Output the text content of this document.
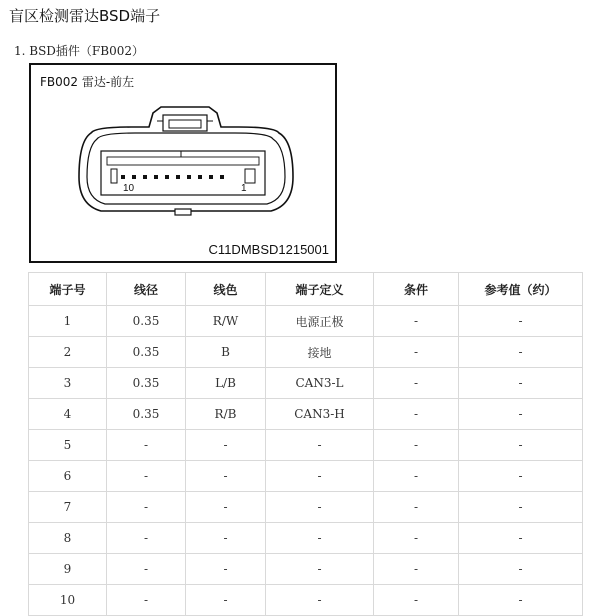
盲区检测雷达BSD端子
1. BSD插件（FB002）
10	1
FB002 雷达-前左
C11DMBSD1215001
端子号	线径	线色	端子定义	条件	参考值（约）
1	0.35	R/W	电源正极	-	-
2	0.35	B	接地	-	-
3	0.35	L/B	CAN3-L	-	-
4	0.35	R/B	CAN3-H	-	-
5	-	-	-	-	-
6	-	-	-	-	-
7	-	-	-	-	-
8	-	-	-	-	-
9	-	-	-	-	-
10	-	-	-	-	-
